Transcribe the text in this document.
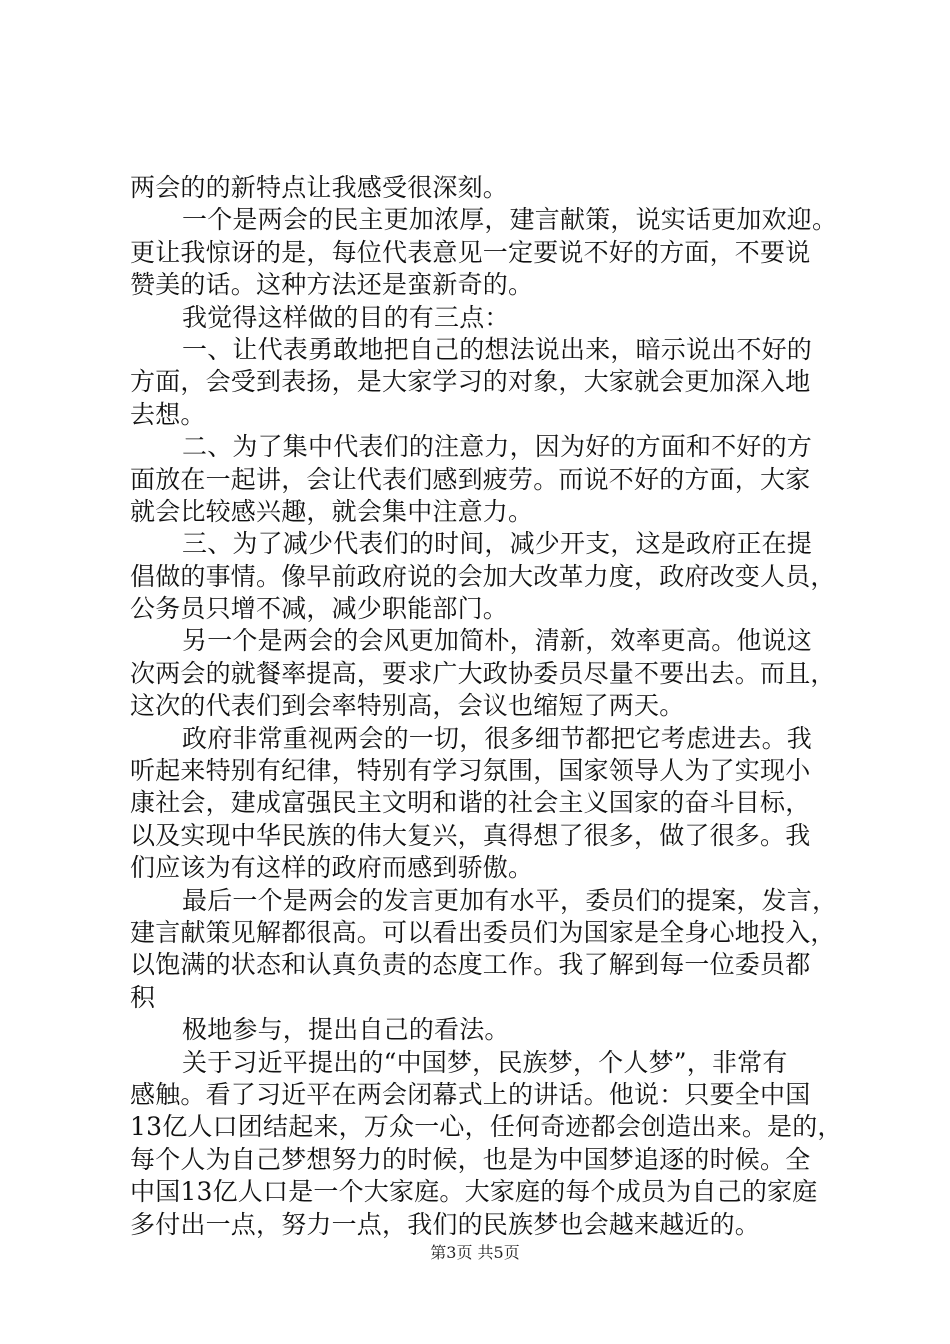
两会的的新特点让我感受很深刻。
一个是两会的民主更加浓厚，建言献策，说实话更加欢迎。
更让我惊讶的是，每位代表意见一定要说不好的方面，不要说
赞美的话。这种方法还是蛮新奇的。
我觉得这样做的目的有三点：
一、让代表勇敢地把自己的想法说出来，暗示说出不好的
方面，会受到表扬，是大家学习的对象，大家就会更加深入地
去想。
二、为了集中代表们的注意力，因为好的方面和不好的方
面放在一起讲，会让代表们感到疲劳。而说不好的方面，大家
就会比较感兴趣，就会集中注意力。
三、为了减少代表们的时间，减少开支，这是政府正在提
倡做的事情。像早前政府说的会加大改革力度，政府改变人员，
公务员只增不减，减少职能部门。
另一个是两会的会风更加简朴，清新，效率更高。他说这
次两会的就餐率提高，要求广大政协委员尽量不要出去。而且，
这次的代表们到会率特别高，会议也缩短了两天。
政府非常重视两会的一切，很多细节都把它考虑进去。我
听起来特别有纪律，特别有学习氛围，国家领导人为了实现小
康社会，建成富强民主文明和谐的社会主义国家的奋斗目标，
以及实现中华民族的伟大复兴，真得想了很多，做了很多。我
们应该为有这样的政府而感到骄傲。
最后一个是两会的发言更加有水平，委员们的提案，发言，
建言献策见解都很高。可以看出委员们为国家是全身心地投入，
以饱满的状态和认真负责的态度工作。我了解到每一位委员都
积
极地参与，提出自己的看法。
关于习近平提出的“中国梦，民族梦，个人梦”，非常有
感触。看了习近平在两会闭幕式上的讲话。他说：只要全中国
13亿人口团结起来，万众一心，任何奇迹都会创造出来。是的，
每个人为自己梦想努力的时候，也是为中国梦追逐的时候。全
中国13亿人口是一个大家庭。大家庭的每个成员为自己的家庭
多付出一点，努力一点，我们的民族梦也会越来越近的。
第3页 共5页
